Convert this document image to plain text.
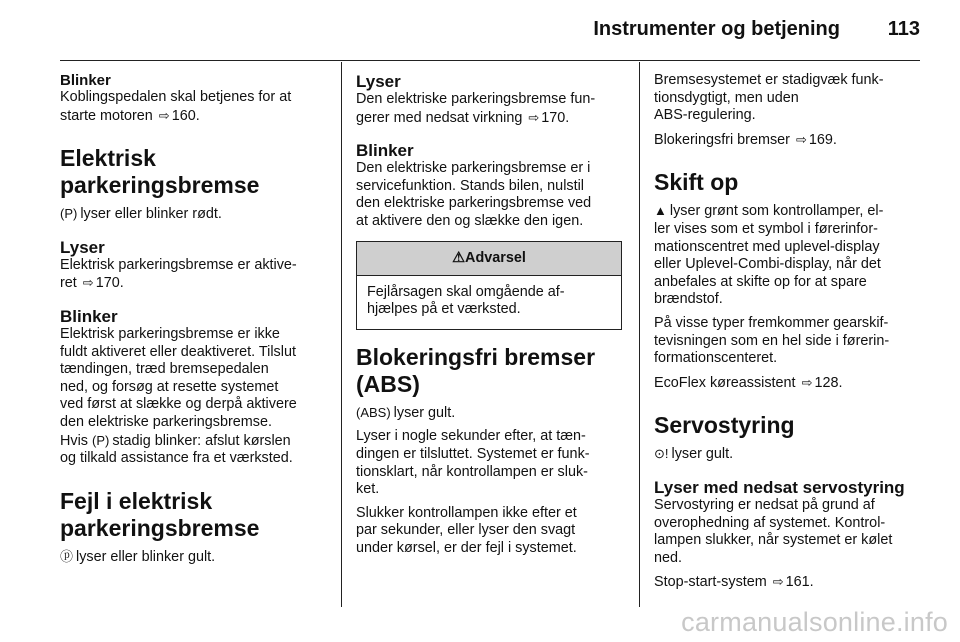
Instrumenter og betjening 113

Blinker

Koblingspedalen skal betjenes for at

starte motoren ⇨ 160.

Elektrisk

parkeringsbremse

(P) lyser eller blinker rødt.

Lyser

Elektrisk parkeringsbremse er aktive-

ret ⇨ 170.

Blinker

Elektrisk parkeringsbremse er ikke

fuldt aktiveret eller deaktiveret. Tilslut

tændingen, træd bremsepedalen

ned, og forsøg at resette systemet

ved først at slække og derpå aktivere

den elektriske parkeringsbremse.

Hvis (P) stadig blinker: afslut kørslen

og tilkald assistance fra et værksted.

Fejl i elektrisk

parkeringsbremse

ⓟ lyser eller blinker gult.

Lyser

Den elektriske parkeringsbremse fun-

gerer med nedsat virkning ⇨ 170.

Blinker

Den elektriske parkeringsbremse er i

servicefunktion. Stands bilen, nulstil

den elektriske parkeringsbremse ved

at aktivere den og slække den igen.

⚠Advarsel

Fejlårsagen skal omgående af-

hjælpes på et værksted.

Blokeringsfri bremser

(ABS)

(ABS) lyser gult.

Lyser i nogle sekunder efter, at tæn-

dingen er tilsluttet. Systemet er funk-

tionsklart, når kontrollampen er sluk-

ket.

Slukker kontrollampen ikke efter et

par sekunder, eller lyser den svagt

under kørsel, er der fejl i systemet.

Bremsesystemet er stadigvæk funk-

tionsdygtigt, men uden

ABS-regulering.

Blokeringsfri bremser ⇨ 169.

Skift op

▲ lyser grønt som kontrollamper, el-

ler vises som et symbol i førerinfor-

mationscentret med uplevel-display

eller Uplevel-Combi-display, når det

anbefales at skifte op for at spare

brændstof.

På visse typer fremkommer gearskif-

tevisningen som en hel side i førerin-

formationscenteret.

EcoFlex køreassistent ⇨ 128.

Servostyring

⊙! lyser gult.

Lyser med nedsat servostyring

Servostyring er nedsat på grund af

overophedning af systemet. Kontrol-

lampen slukker, når systemet er kølet

ned.

Stop-start-system ⇨ 161.

carmanualsonline.info
